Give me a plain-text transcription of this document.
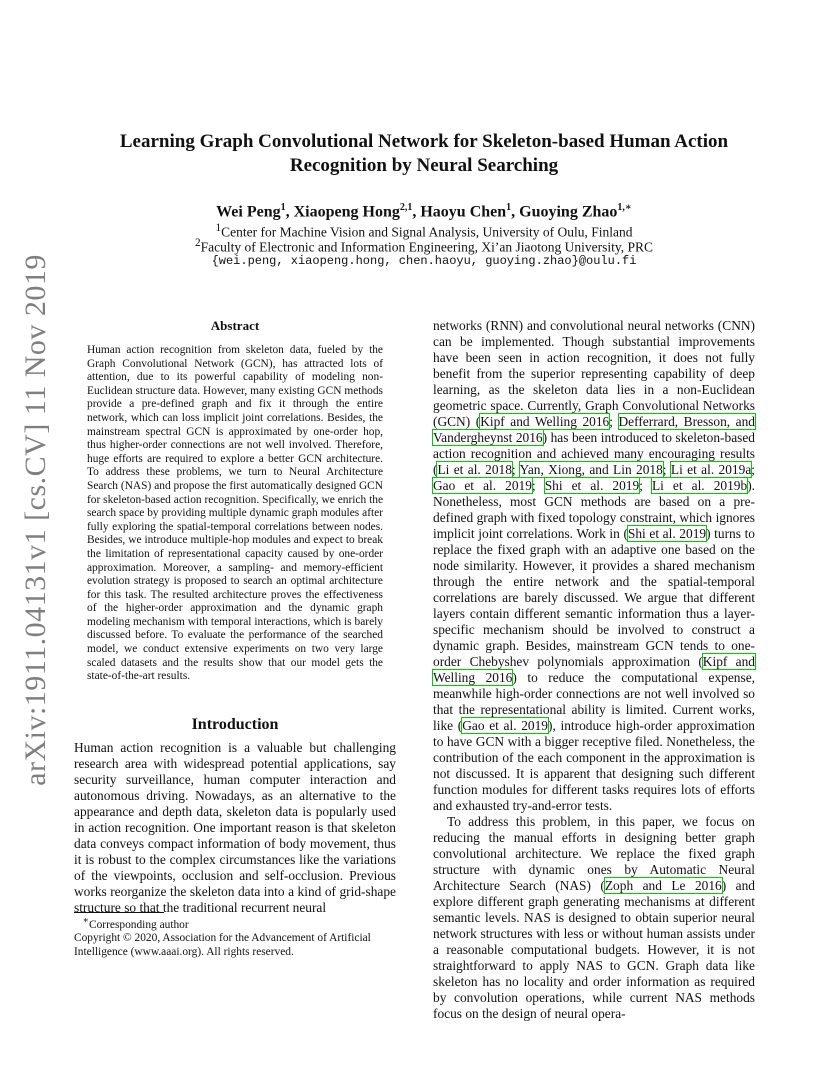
arXiv:1911.04131v1 [cs.CV] 11 Nov 2019
Learning Graph Convolutional Network for Skeleton-based Human Action
Recognition by Neural Searching

Wei Peng$^1$, Xiaopeng Hong$^{2,1}$, Haoyu Chen$^1$, Guoying Zhao$^{1,∗}$

$^1$Center for Machine Vision and Signal Analysis, University of Oulu, Finland

$^2$Faculty of Electronic and Information Engineering, Xi’an Jiaotong University, PRC

{wei.peng, xiaopeng.hong, chen.haoyu, guoying.zhao}@oulu.fi

Abstract

Human action recognition from skeleton data, fueled by the Graph Convolutional Network (GCN), has attracted lots of attention, due to its powerful capability of modeling non-Euclidean structure data. However, many existing GCN methods provide a pre-defined graph and fix it through the entire network, which can loss implicit joint correlations. Besides, the mainstream spectral GCN is approximated by one-order hop, thus higher-order connections are not well involved. Therefore, huge efforts are required to explore a better GCN architecture. To address these problems, we turn to Neural Architecture Search (NAS) and propose the first automatically designed GCN for skeleton-based action recognition. Specifically, we enrich the search space by providing multiple dynamic graph modules after fully exploring the spatial-temporal correlations between nodes. Besides, we introduce multiple-hop modules and expect to break the limitation of representational capacity caused by one-order approximation. Moreover, a sampling- and memory-efficient evolution strategy is proposed to search an optimal architecture for this task. The resulted architecture proves the effectiveness of the higher-order approximation and the dynamic graph modeling mechanism with temporal interactions, which is barely discussed before. To evaluate the performance of the searched model, we conduct extensive experiments on two very large scaled datasets and the results show that our model gets the state-of-the-art results.

Introduction

Human action recognition is a valuable but challenging research area with widespread potential applications, say security surveillance, human computer interaction and autonomous driving. Nowadays, as an alternative to the appearance and depth data, skeleton data is popularly used in action recognition. One important reason is that skeleton data conveys compact information of body movement, thus it is robust to the complex circumstances like the variations of the viewpoints, occlusion and self-occlusion. Previous works reorganize the skeleton data into a kind of grid-shape structure so that the traditional recurrent neural

∗Corresponding author
Copyright © 2020, Association for the Advancement of Artificial Intelligence (www.aaai.org). All rights reserved.

networks (RNN) and convolutional neural networks (CNN) can be implemented. Though substantial improvements have been seen in action recognition, it does not fully benefit from the superior representing capability of deep learning, as the skeleton data lies in a non-Euclidean geometric space. Currently, Graph Convolutional Networks (GCN) (Kipf and Welling 2016; Defferrard, Bresson, and Vandergheynst 2016) has been introduced to skeleton-based action recognition and achieved many encouraging results (Li et al. 2018; Yan, Xiong, and Lin 2018; Li et al. 2019a; Gao et al. 2019; Shi et al. 2019; Li et al. 2019b). Nonetheless, most GCN methods are based on a pre-defined graph with fixed topology constraint, which ignores implicit joint correlations. Work in (Shi et al. 2019) turns to replace the fixed graph with an adaptive one based on the node similarity. However, it provides a shared mechanism through the entire network and the spatial-temporal correlations are barely discussed. We argue that different layers contain different semantic information thus a layer-specific mechanism should be involved to construct a dynamic graph. Besides, mainstream GCN tends to one-order Chebyshev polynomials approximation (Kipf and Welling 2016) to reduce the computational expense, meanwhile high-order connections are not well involved so that the representational ability is limited. Current works, like (Gao et al. 2019), introduce high-order approximation to have GCN with a bigger receptive filed. Nonetheless, the contribution of the each component in the approximation is not discussed. It is apparent that designing such different function modules for different tasks requires lots of efforts and exhausted try-and-error tests.

To address this problem, in this paper, we focus on reducing the manual efforts in designing better graph convolutional architecture. We replace the fixed graph structure with dynamic ones by Automatic Neural Architecture Search (NAS) (Zoph and Le 2016) and explore different graph generating mechanisms at different semantic levels. NAS is designed to obtain superior neural network structures with less or without human assists under a reasonable computational budgets. However, it is not straightforward to apply NAS to GCN. Graph data like skeleton has no locality and order information as required by convolution operations, while current NAS methods focus on the design of neural opera-
